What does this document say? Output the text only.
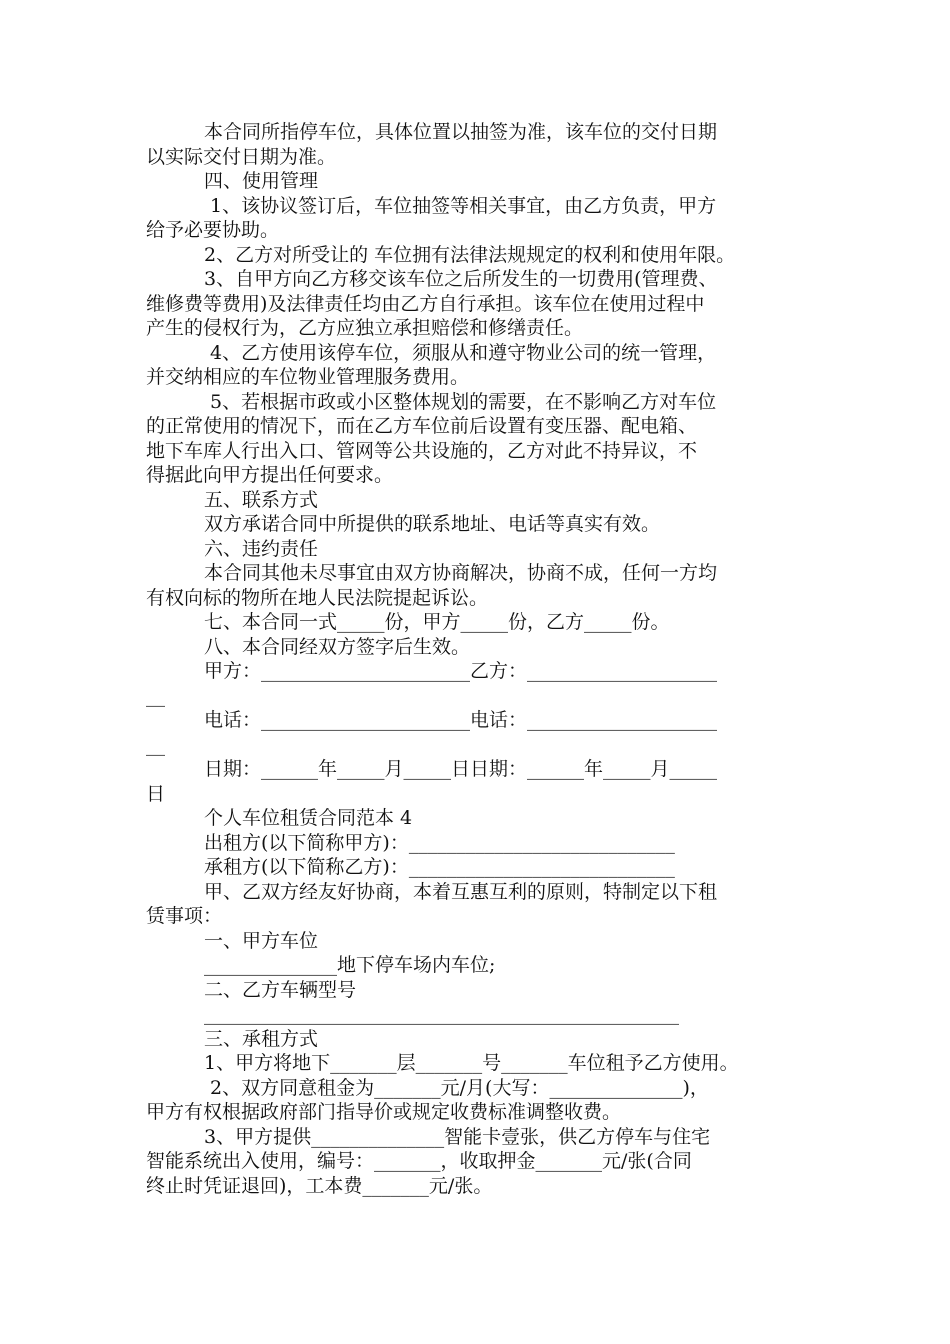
本合同所指停车位，具体位置以抽签为准，该车位的交付日期
以实际交付日期为准。
四、使用管理
1、该协议签订后，车位抽签等相关事宜，由乙方负责，甲方
给予必要协助。
2、乙方对所受让的 车位拥有法律法规规定的权利和使用年限。
3、自甲方向乙方移交该车位之后所发生的一切费用(管理费、
维修费等费用)及法律责任均由乙方自行承担。该车位在使用过程中
产生的侵权行为，乙方应独立承担赔偿和修缮责任。
4、乙方使用该停车位，须服从和遵守物业公司的统一管理，
并交纳相应的车位物业管理服务费用。
5、若根据市政或小区整体规划的需要，在不影响乙方对车位
的正常使用的情况下，而在乙方车位前后设置有变压器、配电箱、
地下车库人行出入口、管网等公共设施的，乙方对此不持异议，不
得据此向甲方提出任何要求。
五、联系方式
双方承诺合同中所提供的联系地址、电话等真实有效。
六、违约责任
本合同其他未尽事宜由双方协商解决，协商不成，任何一方均
有权向标的物所在地人民法院提起诉讼。
七、本合同一式_____份，甲方_____份，乙方_____份。
八、本合同经双方签字后生效。
甲方：______________________乙方：____________________
__
电话：______________________电话：____________________
__
日期：______年_____月_____日日期：______年_____月_____
日
个人车位租赁合同范本 4
出租方(以下简称甲方)：____________________________
承租方(以下简称乙方)：____________________________
甲、乙双方经友好协商，本着互惠互利的原则，特制定以下租
赁事项：
一、甲方车位
______________地下停车场内车位;
二、乙方车辆型号
__________________________________________________
三、承租方式
1、甲方将地下_______层_______号_______车位租予乙方使用。
2、双方同意租金为_______元/月(大写：______________)，
甲方有权根据政府部门指导价或规定收费标准调整收费。
3、甲方提供______________智能卡壹张，供乙方停车与住宅
智能系统出入使用，编号：_______，收取押金_______元/张(合同
终止时凭证退回)，工本费_______元/张。
